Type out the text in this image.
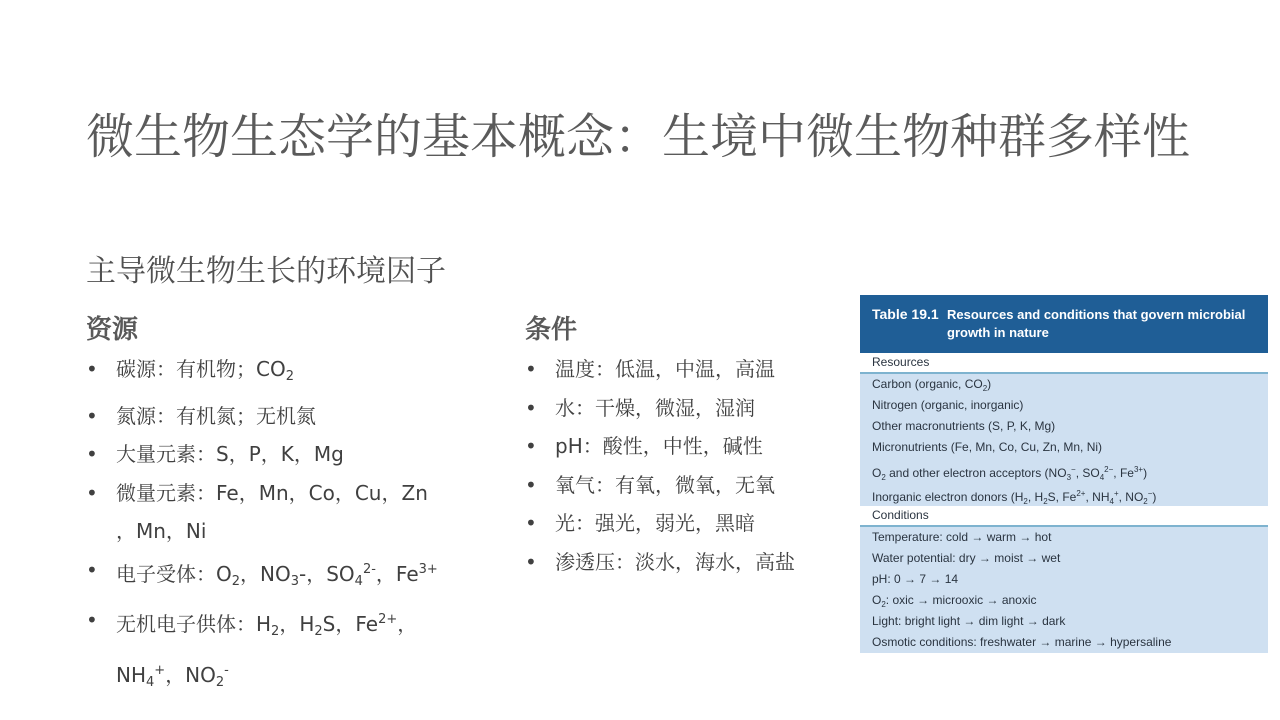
微生物生态学的基本概念：生境中微生物种群多样性
主导微生物生长的环境因子
资源
• 碳源：有机物；$CO_2$
• 氮源：有机氮；无机氮
• 大量元素：S，P，K，Mg
• 微量元素：Fe，Mn，Co，Cu，Zn
，Mn，Ni
• 电子受体：$O_2$，$NO_3-$，$SO_4^{2-}$，$Fe^{3+}$
• 无机电子供体：$H_2$，$H_2S$，$Fe^{2+}$，
$NH_4^+$，$NO_2^-$
条件
• 温度：低温，中温，高温
• 水：干燥，微湿，湿润
• pH：酸性，中性，碱性
• 氧气：有氧，微氧，无氧
• 光：强光，弱光，黑暗
• 渗透压：淡水，海水，高盐
Table 19.1 Resources and conditions that govern microbial growth in nature
Resources
Carbon (organic, $CO_2$)
Nitrogen (organic, inorganic)
Other macronutrients (S, P, K, Mg)
Micronutrients (Fe, Mn, Co, Cu, Zn, Mn, Ni)
$O_2$ and other electron acceptors ($NO_3^-$, $SO_4^{2-}$, $Fe^{3+}$)
Inorganic electron donors ($H_2$, $H_2S$, $Fe^{2+}$, $NH_4^+$, $NO_2^-$)
Conditions
Temperature: cold → warm → hot
Water potential: dry → moist → wet
pH: 0 → 7 → 14
$O_2$: oxic → microoxic → anoxic
Light: bright light → dim light → dark
Osmotic conditions: freshwater → marine → hypersaline
